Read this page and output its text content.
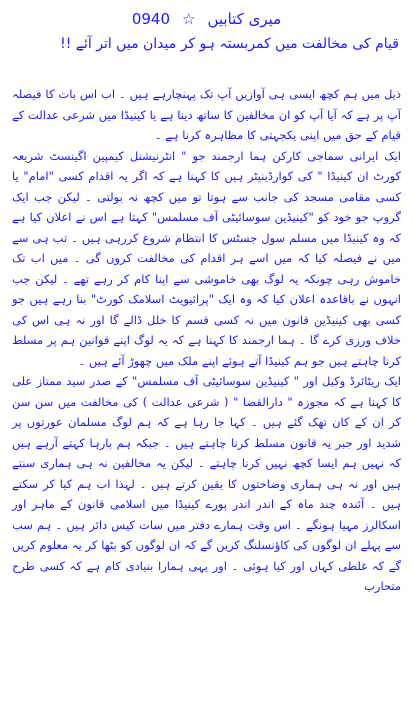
0940 ☆ میری کتابیں
قیام کی مخالفت میں کمربستہ ہو کر میدان میں اتر آئے !!

ذیل میں ہم کچھ ایسی ہی آوازیں آپ تک پہنچارہے ہیں ۔ اب اس بات کا فیصلہ آپ پر ہے کہ آیا آپ کو ان مخالفین کا ساتھ دینا ہے یا کینیڈا میں شرعی عدالت کے قیام کے حق میں اپنی یکجہتی کا مظاہرہ کرنا ہے ۔

ایک ایرانی سماجی کارکن ہما ارجمند جو " انٹرنیشنل کیمپین اگینسٹ شریعہ کورٹ ان کینیڈا " کی کوارڈینیٹر ہیں کا کہنا ہے کہ اگر یہ اقدام کسی "امام" یا کسی مقامی مسجد کی جانب سے ہوتا تو میں کچھ نہ بولتی ۔ لیکن جب ایک گروپ جو خود کو "کینیڈین سوسائیٹی آف مسلمس" کہتا ہے اس نے اعلان کیا ہے کہ وہ کینیڈا میں مسلم سول جسٹس کا انتظام شروع کررہی ہیں ۔ تب ہی سے میں نے فیصلہ کیا کہ میں اسے ہر اقدام کی مخالفت کروں گی ۔ میں اب تک خاموش رہی چونکہ یہ لوگ بھی خاموشی سے اپنا کام کر رہے تھے ۔ لیکن جب انہوں نے باقاعدہ اعلان کیا کہ وہ ایک "پرائیویٹ اسلامک کورٹ" بنا رہے ہیں جو کسی بھی کینیڈین قانون میں نہ کسی قسم کا خلل ڈالے گا اور نہ ہی اس کی خلاف ورزی کرے گا ۔ ہما ارجمند کا کہنا ہے کہ یہ لوگ اپنے قوانین ہم پر مسلط کرنا چاہتے ہیں جو ہم کینیڈا آتے ہوئے اپنے ملک میں چھوڑ آئے ہیں ۔

ایک ریٹائرڈ وکیل اور " کینیڈین سوسائیٹی آف مسلمس" کے صدر سید ممتاز علی کا کہنا ہے کہ مجوزہ " دارالقضا " ( شرعی عدالت ) کی مخالفت میں سن سن کر ان کے کان تھک گئے ہیں ۔ کہا جا رہا ہے کہ ہم لوگ مسلمان عورتوں پر شدید اور جبر یہ قانون مسلط کرنا چاہتے ہیں ۔ جبکہ ہم بارہا کہتے آرہے ہیں کہ نہیں ہم ایسا کچھ نہیں کرنا چاہتے ۔ لیکن یہ مخالفین نہ ہی ہماری سنتے ہیں اور نہ ہی ہماری وضاحتوں کا یقین کرتے ہیں ۔ لہذا اب ہم کیا کر سکتے ہیں ۔ آئندہ چند ماہ کے اندر اندر پورے کینیڈا میں اسلامی قانون کے ماہر اور اسکالرز مہیا ہونگے ۔ اس وقت ہمارے دفتر میں سات کیس دائر ہیں ۔ ہم سب سے پہلے ان لوگوں کی کاؤنسلنگ کریں گے کہ ان لوگوں کو بٹھا کر یہ معلوم کریں گے کہ غلطی کہاں اور کیا ہوئی ۔ اور یہی ہمارا بنیادی کام ہے کہ کسی طرح متحارب
